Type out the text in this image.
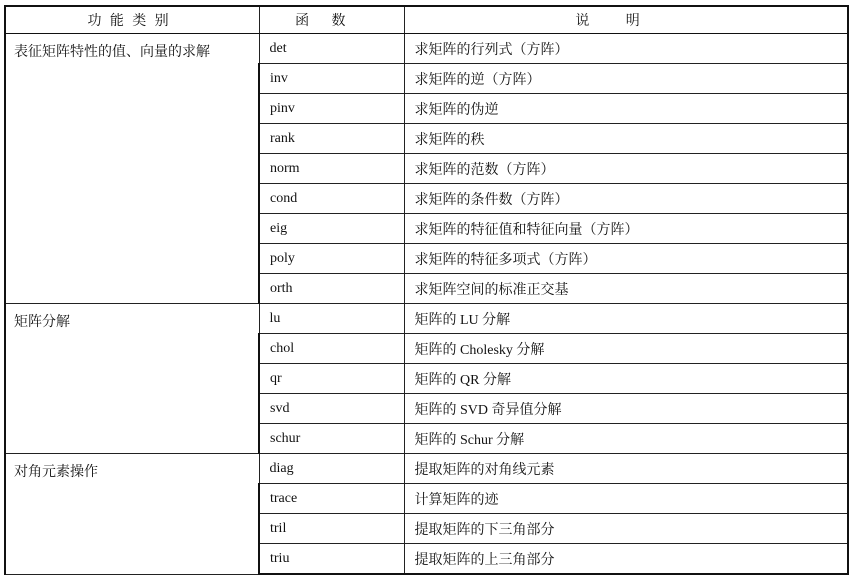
功能类别	函数	说明
表征矩阵特性的值、向量的求解	det	求矩阵的行列式（方阵）
	inv	求矩阵的逆（方阵）
	pinv	求矩阵的伪逆
	rank	求矩阵的秩
	norm	求矩阵的范数（方阵）
	cond	求矩阵的条件数（方阵）
	eig	求矩阵的特征值和特征向量（方阵）
	poly	求矩阵的特征多项式（方阵）
	orth	求矩阵空间的标准正交基
矩阵分解	lu	矩阵的 LU 分解
	chol	矩阵的 Cholesky 分解
	qr	矩阵的 QR 分解
	svd	矩阵的 SVD 奇异值分解
	schur	矩阵的 Schur 分解
对角元素操作	diag	提取矩阵的对角线元素
	trace	计算矩阵的迹
	tril	提取矩阵的下三角部分
	triu	提取矩阵的上三角部分
